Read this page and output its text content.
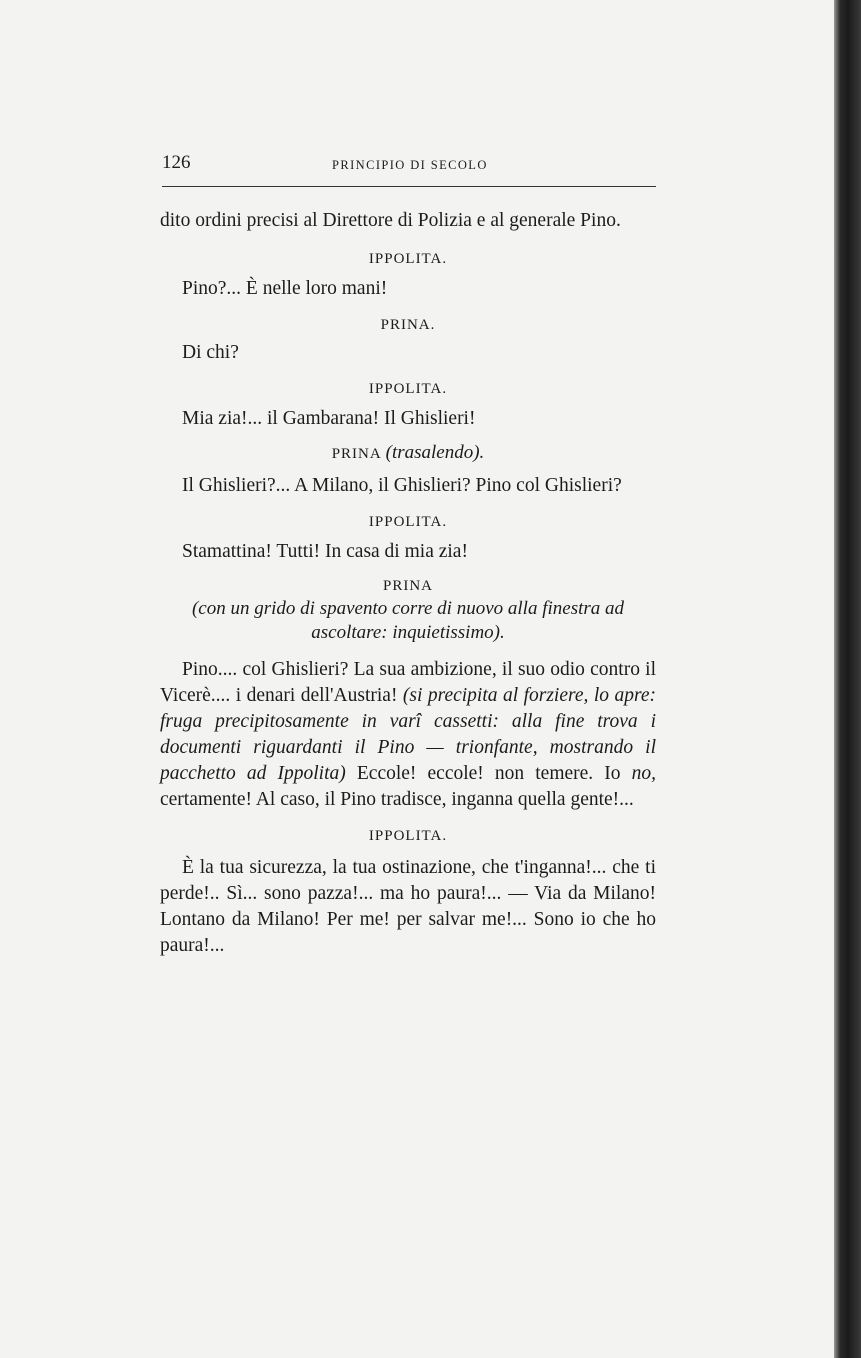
126	PRINCIPIO DI SECOLO

dito ordini precisi al Direttore di Polizia e al generale Pino.

IPPOLITA.

Pino?... È nelle loro mani!

PRINA.

Di chi?

IPPOLITA.

Mia zia!... il Gambarana! Il Ghislieri!

PRINA (trasalendo).

Il Ghislieri?... A Milano, il Ghislieri? Pino col Ghislieri?

IPPOLITA.

Stamattina! Tutti! In casa di mia zia!

PRINA

(con un grido di spavento corre di nuovo alla finestra ad ascoltare: inquietissimo).

Pino.... col Ghislieri? La sua ambizione, il suo odio contro il Vicerè.... i denari dell'Austria! (si precipita al forziere, lo apre: fruga precipitosamente in varî cassetti: alla fine trova i documenti riguardanti il Pino — trionfante, mostrando il pacchetto ad Ippolita) Eccole! eccole! non temere. Io no, certamente! Al caso, il Pino tradisce, inganna quella gente!...

IPPOLITA.

È la tua sicurezza, la tua ostinazione, che t'inganna!... che ti perde!.. Sì... sono pazza!... ma ho paura!... — Via da Milano! Lontano da Milano! Per me! per salvar me!... Sono io che ho paura!...
